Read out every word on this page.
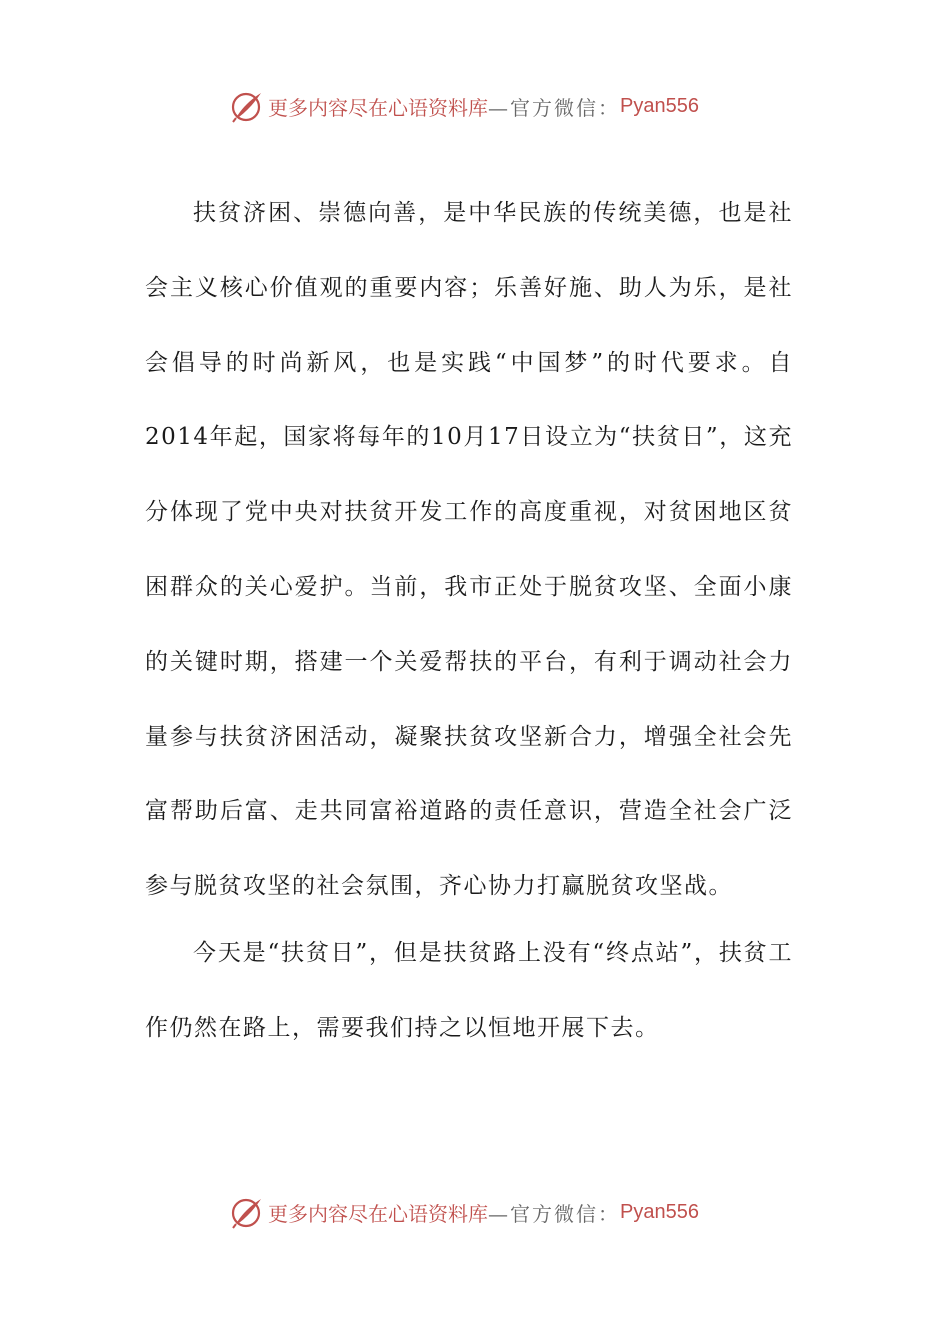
更多内容尽在心语资料库 —官方微信： Pyan556

扶贫济困、崇德向善，是中华民族的传统美德，也是社会主义核心价值观的重要内容；乐善好施、助人为乐，是社会倡导的时尚新风，也是实践“中国梦”的时代要求。自2014年起，国家将每年的10月17日设立为“扶贫日”，这充分体现了党中央对扶贫开发工作的高度重视，对贫困地区贫困群众的关心爱护。当前，我市正处于脱贫攻坚、全面小康的关键时期，搭建一个关爱帮扶的平台，有利于调动社会力量参与扶贫济困活动，凝聚扶贫攻坚新合力，增强全社会先富帮助后富、走共同富裕道路的责任意识，营造全社会广泛参与脱贫攻坚的社会氛围，齐心协力打赢脱贫攻坚战。

今天是“扶贫日”，但是扶贫路上没有“终点站”，扶贫工作仍然在路上，需要我们持之以恒地开展下去。

更多内容尽在心语资料库 —官方微信： Pyan556
